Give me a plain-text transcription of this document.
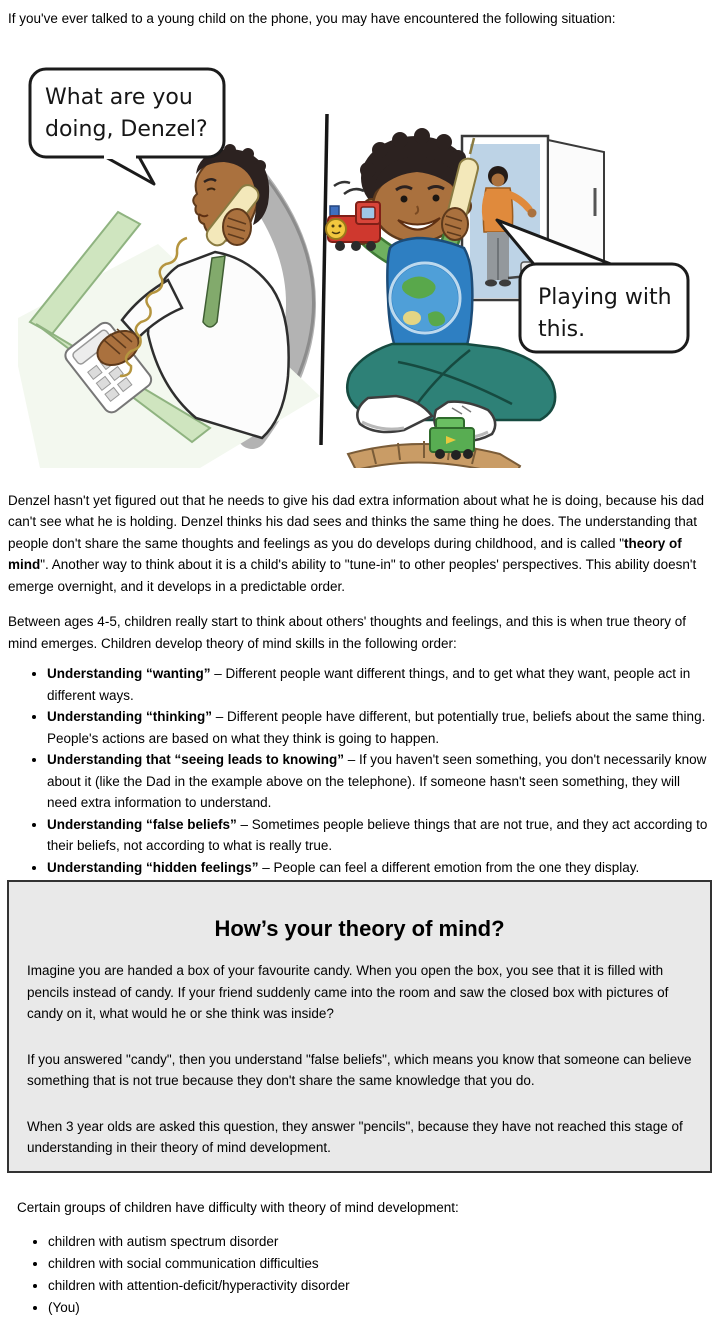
If you've ever talked to a young child on the phone, you may have encountered the following situation:

What are you
doing, Denzel?
Playing with
this.

Denzel hasn't yet figured out that he needs to give his dad extra information about what he is doing, because his dad can't see what he is holding. Denzel thinks his dad sees and thinks the same thing he does. The understanding that people don't share the same thoughts and feelings as you do develops during childhood, and is called "theory of mind". Another way to think about it is a child's ability to "tune-in" to other peoples' perspectives. This ability doesn't emerge overnight, and it develops in a predictable order.

Between ages 4-5, children really start to think about others' thoughts and feelings, and this is when true theory of mind emerges. Children develop theory of mind skills in the following order:

• Understanding “wanting” – Different people want different things, and to get what they want, people act in different ways.
• Understanding “thinking” – Different people have different, but potentially true, beliefs about the same thing. People's actions are based on what they think is going to happen.
• Understanding that “seeing leads to knowing” – If you haven't seen something, you don't necessarily know about it (like the Dad in the example above on the telephone). If someone hasn't seen something, they will need extra information to understand.
• Understanding “false beliefs” – Sometimes people believe things that are not true, and they act according to their beliefs, not according to what is really true.
• Understanding “hidden feelings” – People can feel a different emotion from the one they display.
How’s your theory of mind?

Imagine you are handed a box of your favourite candy. When you open the box, you see that it is filled with pencils instead of candy. If your friend suddenly came into the room and saw the closed box with pictures of candy on it, what would he or she think was inside?

If you answered "candy", then you understand "false beliefs", which means you know that someone can believe something that is not true because they don't share the same knowledge that you do.

When 3 year olds are asked this question, they answer "pencils", because they have not reached this stage of understanding in their theory of mind development.

Certain groups of children have difficulty with theory of mind development:

• children with autism spectrum disorder
• children with social communication difficulties
• children with attention-deficit/hyperactivity disorder
• (You)
